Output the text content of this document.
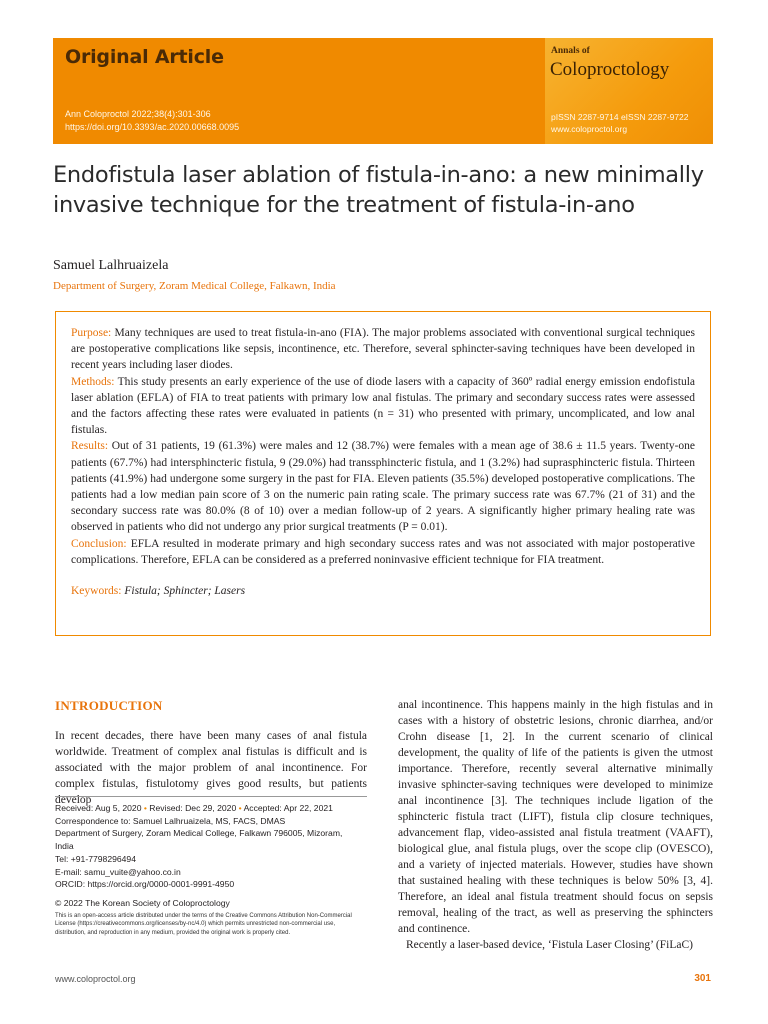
Original Article
Ann Coloproctol 2022;38(4):301-306
https://doi.org/10.3393/ac.2020.00668.0095
Annals of
Coloproctology
pISSN 2287-9714 eISSN 2287-9722
www.coloproctol.org
Endofistula laser ablation of fistula-in-ano: a new minimally invasive technique for the treatment of fistula-in-ano
Samuel Lalhruaizela
Department of Surgery, Zoram Medical College, Falkawn, India

Purpose: Many techniques are used to treat fistula-in-ano (FIA). The major problems associated with conventional surgical techniques are postoperative complications like sepsis, incontinence, etc. Therefore, several sphincter-saving techniques have been developed in recent years including laser diodes.

Methods: This study presents an early experience of the use of diode lasers with a capacity of 360º radial energy emission endofistula laser ablation (EFLA) of FIA to treat patients with primary low anal fistulas. The primary and secondary success rates were assessed and the factors affecting these rates were evaluated in patients (n = 31) who presented with primary, uncomplicated, and low anal fistulas.

Results: Out of 31 patients, 19 (61.3%) were males and 12 (38.7%) were females with a mean age of 38.6 ± 11.5 years. Twenty-one patients (67.7%) had intersphincteric fistula, 9 (29.0%) had transsphincteric fistula, and 1 (3.2%) had suprasphincteric fistula. Thirteen patients (41.9%) had undergone some surgery in the past for FIA. Eleven patients (35.5%) developed postoperative complications. The patients had a low median pain score of 3 on the numeric pain rating scale. The primary success rate was 67.7% (21 of 31) and the secondary success rate was 80.0% (8 of 10) over a median follow-up of 2 years. A significantly higher primary healing rate was observed in patients who did not undergo any prior surgical treatments (P = 0.01).

Conclusion: EFLA resulted in moderate primary and high secondary success rates and was not associated with major postoperative complications. Therefore, EFLA can be considered as a preferred noninvasive efficient technique for FIA treatment.

Keywords: Fistula; Sphincter; Lasers

INTRODUCTION

In recent decades, there have been many cases of anal fistula worldwide. Treatment of complex anal fistulas is difficult and is associated with the major problem of anal incontinence. For complex fistulas, fistulotomy gives good results, but patients develop

Received: Aug 5, 2020 • Revised: Dec 29, 2020 • Accepted: Apr 22, 2021
Correspondence to: Samuel Lalhruaizela, MS, FACS, DMAS
Department of Surgery, Zoram Medical College, Falkawn 796005, Mizoram,
India
Tel: +91-7798296494
E-mail: samu_vuite@yahoo.co.in
ORCID: https://orcid.org/0000-0001-9991-4950
© 2022 The Korean Society of Coloproctology
This is an open-access article distributed under the terms of the Creative Commons Attribution Non-Commercial License (https://creativecommons.org/licenses/by-nc/4.0) which permits unrestricted non-commercial use, distribution, and reproduction in any medium, provided the original work is properly cited.

anal incontinence. This happens mainly in the high fistulas and in cases with a history of obstetric lesions, chronic diarrhea, and/or Crohn disease [1, 2]. In the current scenario of clinical development, the quality of life of the patients is given the utmost importance. Therefore, recently several alternative minimally invasive sphincter-saving techniques were developed to minimize anal incontinence [3]. The techniques include ligation of the sphincteric fistula tract (LIFT), fistula clip closure techniques, advancement flap, video-assisted anal fistula treatment (VAAFT), biological glue, anal fistula plugs, over the scope clip (OVESCO), and a variety of injected materials. However, studies have shown that sustained healing with these techniques is below 50% [3, 4]. Therefore, an ideal anal fistula treatment should focus on sepsis removal, healing of the tract, as well as preserving the sphincters and continence.

Recently a laser-based device, ‘Fistula Laser Closing’ (FiLaC)

www.coloproctol.org	301
